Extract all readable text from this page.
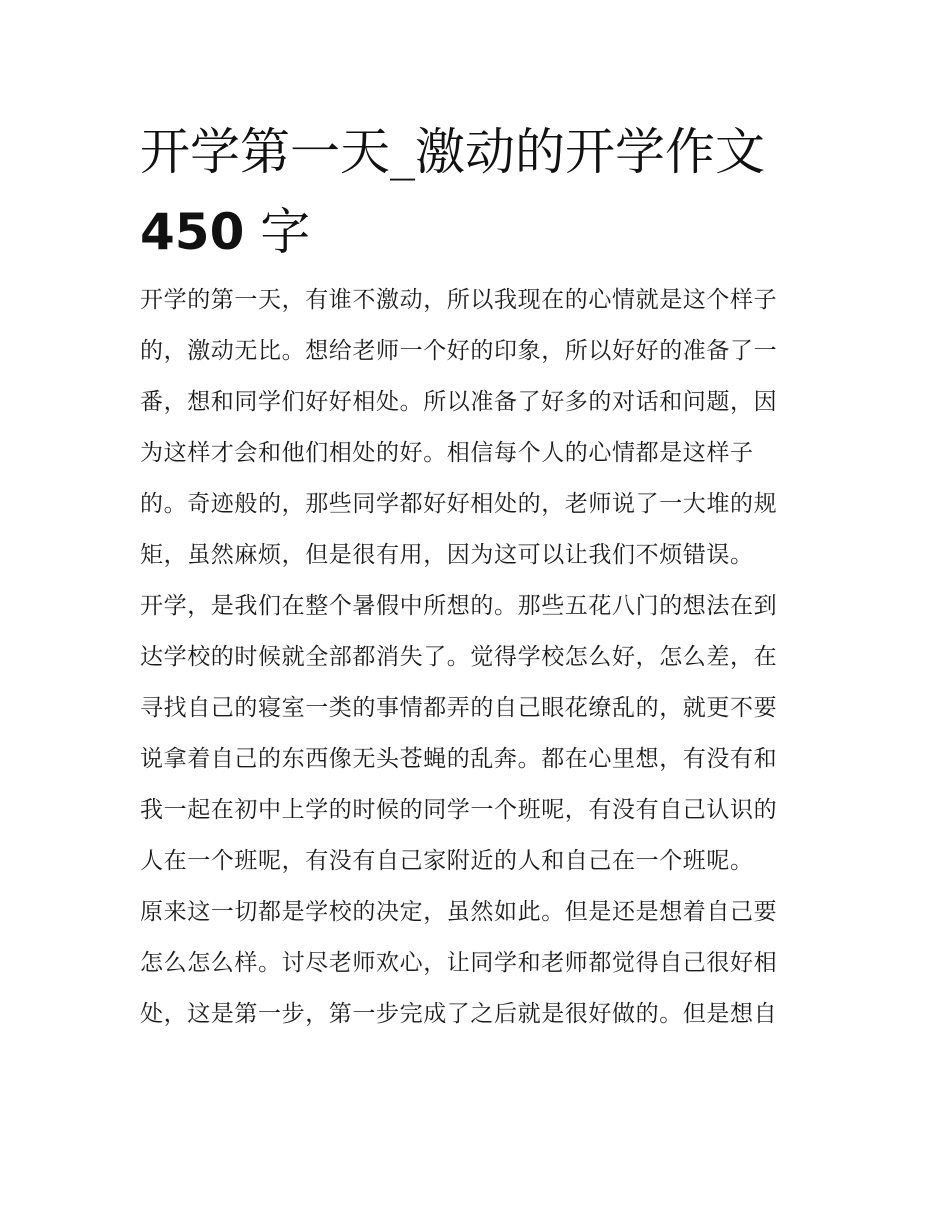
开学第一天_激动的开学作文
450 字
开学的第一天，有谁不激动，所以我现在的心情就是这个样子
的，激动无比。想给老师一个好的印象，所以好好的准备了一
番，想和同学们好好相处。所以准备了好多的对话和问题，因
为这样才会和他们相处的好。相信每个人的心情都是这样子
的。奇迹般的，那些同学都好好相处的，老师说了一大堆的规
矩，虽然麻烦，但是很有用，因为这可以让我们不烦错误。
开学，是我们在整个暑假中所想的。那些五花八门的想法在到
达学校的时候就全部都消失了。觉得学校怎么好，怎么差，在
寻找自己的寝室一类的事情都弄的自己眼花缭乱的，就更不要
说拿着自己的东西像无头苍蝇的乱奔。都在心里想，有没有和
我一起在初中上学的时候的同学一个班呢，有没有自己认识的
人在一个班呢，有没有自己家附近的人和自己在一个班呢。
原来这一切都是学校的决定，虽然如此。但是还是想着自己要
怎么怎么样。讨尽老师欢心，让同学和老师都觉得自己很好相
处，这是第一步，第一步完成了之后就是很好做的。但是想自
